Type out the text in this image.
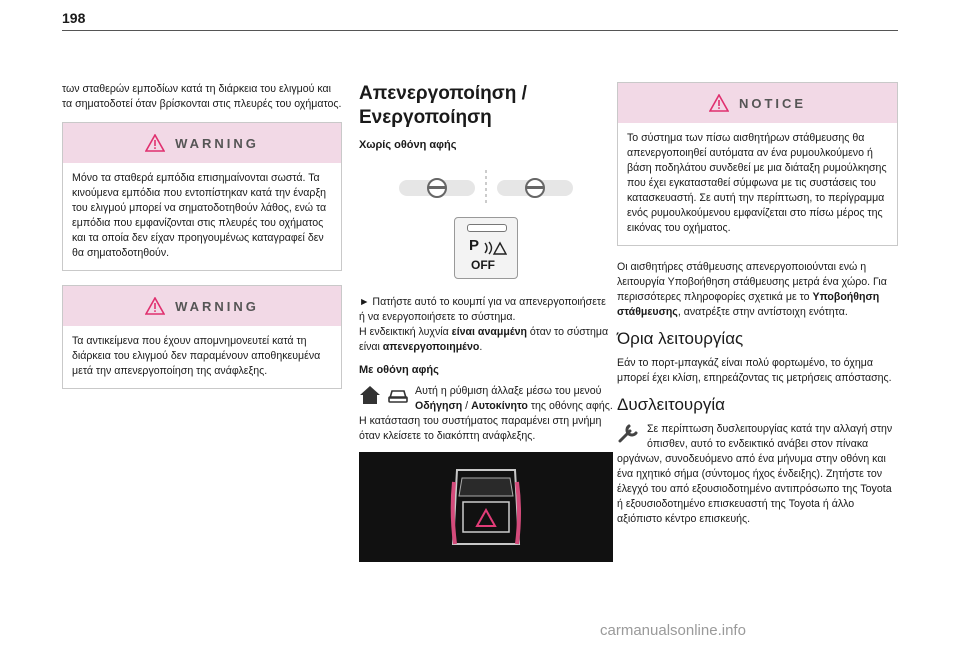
198

των σταθερών εμποδίων κατά τη διάρκεια του ελιγμού και τα σηματοδοτεί όταν βρίσκονται στις πλευρές του οχήματος.

WARNING
Μόνο τα σταθερά εμπόδια επισημαίνονται σωστά. Τα κινούμενα εμπόδια που εντοπίστηκαν κατά την έναρξη του ελιγμού μπορεί να σηματοδοτηθούν λάθος, ενώ τα εμπόδια που εμφανίζονται στις πλευρές του οχήματος και τα οποία δεν είχαν προηγουμένως καταγραφεί δεν θα σηματοδοτηθούν.
WARNING
Τα αντικείμενα που έχουν απομνημονευτεί κατά τη διάρκεια του ελιγμού δεν παραμένουν αποθηκευμένα μετά την απενεργοποίηση της ανάφλεξης.
Απενεργοποίηση / Ενεργοποίηση
Χωρίς οθόνη αφής
P
OFF

► Πατήστε αυτό το κουμπί για να απενεργοποιήσετε ή να ενεργοποιήσετε το σύστημα.
Η ενδεικτική λυχνία είναι αναμμένη όταν το σύστημα είναι απενεργοποιημένο.

Με οθόνη αφής
Αυτή η ρύθμιση άλλαξε μέσω του μενού Οδήγηση / Αυτοκίνητο της οθόνης αφής.
Η κατάσταση του συστήματος παραμένει στη μνήμη όταν κλείσετε το διακόπτη ανάφλεξης.
NOTICE
Το σύστημα των πίσω αισθητήρων στάθμευσης θα απενεργοποιηθεί αυτόματα αν ένα ρυμουλκούμενο ή βάση ποδηλάτου συνδεθεί με μια διάταξη ρυμούλκησης που έχει εγκατασταθεί σύμφωνα με τις συστάσεις του κατασκευαστή. Σε αυτή την περίπτωση, το περίγραμμα ενός ρυμουλκούμενου εμφανίζεται στο πίσω μέρος της εικόνας του οχήματος.

Οι αισθητήρες στάθμευσης απενεργοποιούνται ενώ η λειτουργία Υποβοήθηση στάθμευσης μετρά ένα χώρο. Για περισσότερες πληροφορίες σχετικά με το Υποβοήθηση στάθμευσης, ανατρέξτε στην αντίστοιχη ενότητα.

Όρια λειτουργίας

Εάν το πορτ-μπαγκάζ είναι πολύ φορτωμένο, το όχημα μπορεί έχει κλίση, επηρεάζοντας τις μετρήσεις απόστασης.

Δυσλειτουργία
Σε περίπτωση δυσλειτουργίας κατά την αλλαγή στην όπισθεν, αυτό το ενδεικτικό ανάβει στον πίνακα οργάνων, συνοδευόμενο από ένα μήνυμα στην οθόνη και ένα ηχητικό σήμα (σύντομος ήχος ένδειξης). Ζητήστε τον έλεγχό του από εξουσιοδοτημένο αντιπρόσωπο της Toyota ή εξουσιοδοτημένο επισκευαστή της Toyota ή άλλο αξιόπιστο κέντρο επισκευής.
carmanualsonline.info
